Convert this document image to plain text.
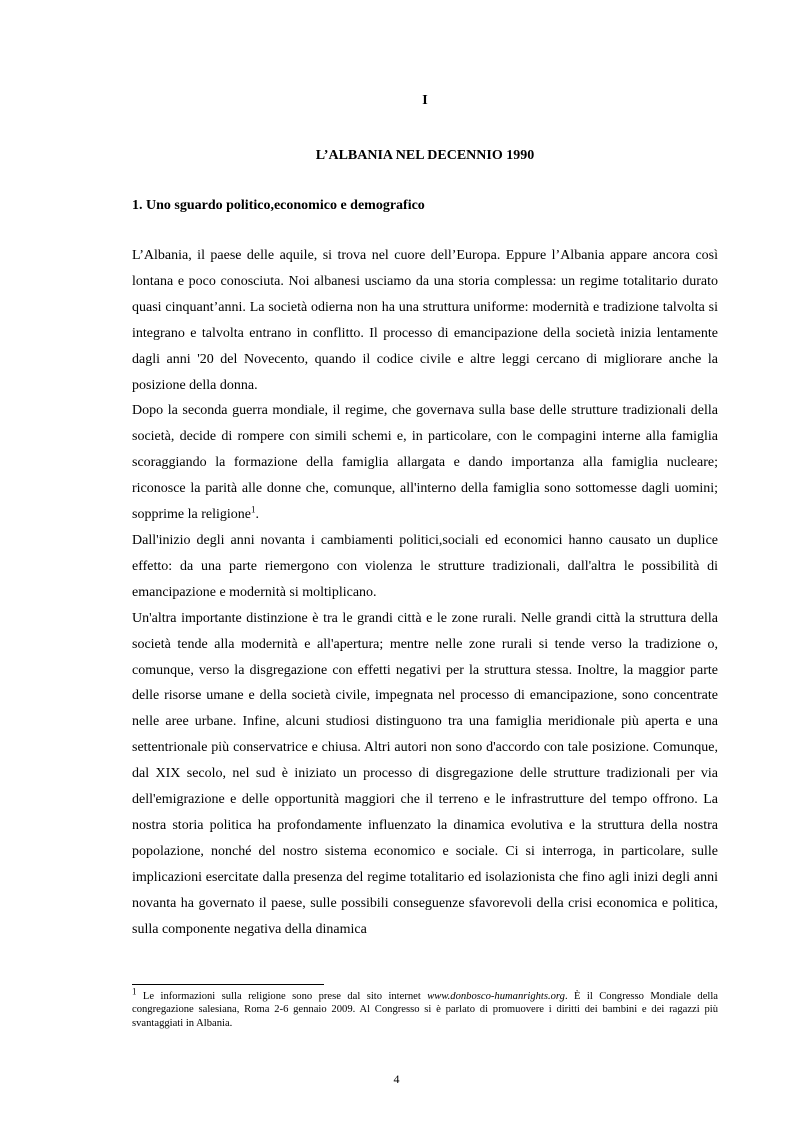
I
L’ALBANIA NEL DECENNIO 1990
1. Uno sguardo politico,economico e demografico

L’Albania, il paese delle aquile, si trova nel cuore dell’Europa. Eppure l’Albania appare ancora così lontana e poco conosciuta. Noi albanesi usciamo da una storia complessa: un regime totalitario durato quasi cinquant’anni. La società odierna non ha una struttura uniforme: modernità e tradizione talvolta si integrano e talvolta entrano in conflitto. Il processo di emancipazione della società inizia lentamente dagli anni '20 del Novecento, quando il codice civile e altre leggi cercano di migliorare anche la posizione della donna.

Dopo la seconda guerra mondiale, il regime, che governava sulla base delle strutture tradizionali della società, decide di rompere con simili schemi e, in particolare, con le compagini interne alla famiglia scoraggiando la formazione della famiglia allargata e dando importanza alla famiglia nucleare; riconosce la parità alle donne che, comunque, all'interno della famiglia sono sottomesse dagli uomini; sopprime la religione$^1$.

Dall'inizio degli anni novanta i cambiamenti politici,sociali ed economici hanno causato un duplice effetto: da una parte riemergono con violenza le strutture tradizionali, dall'altra le possibilità di emancipazione e modernità si moltiplicano.

Un'altra importante distinzione è tra le grandi città e le zone rurali. Nelle grandi città la struttura della società tende alla modernità e all'apertura; mentre nelle zone rurali si tende verso la tradizione o, comunque, verso la disgregazione con effetti negativi per la struttura stessa. Inoltre, la maggior parte delle risorse umane e della società civile, impegnata nel processo di emancipazione, sono concentrate nelle aree urbane. Infine, alcuni studiosi distinguono tra una famiglia meridionale più aperta e una settentrionale più conservatrice e chiusa. Altri autori non sono d'accordo con tale posizione. Comunque, dal XIX secolo, nel sud è iniziato un processo di disgregazione delle strutture tradizionali per via dell'emigrazione e delle opportunità maggiori che il terreno e le infrastrutture del tempo offrono. La nostra storia politica ha profondamente influenzato la dinamica evolutiva e la struttura della nostra popolazione, nonché del nostro sistema economico e sociale. Ci si interroga, in particolare, sulle implicazioni esercitate dalla presenza del regime totalitario ed isolazionista che fino agli inizi degli anni novanta ha governato il paese, sulle possibili conseguenze sfavorevoli della crisi economica e politica, sulla componente negativa della dinamica

$^1$ Le informazioni sulla religione sono prese dal sito internet www.donbosco-humanrights.org. È il Congresso Mondiale della congregazione salesiana, Roma 2-6 gennaio 2009. Al Congresso si è parlato di promuovere i diritti dei bambini e dei ragazzi più svantaggiati in Albania.
4
